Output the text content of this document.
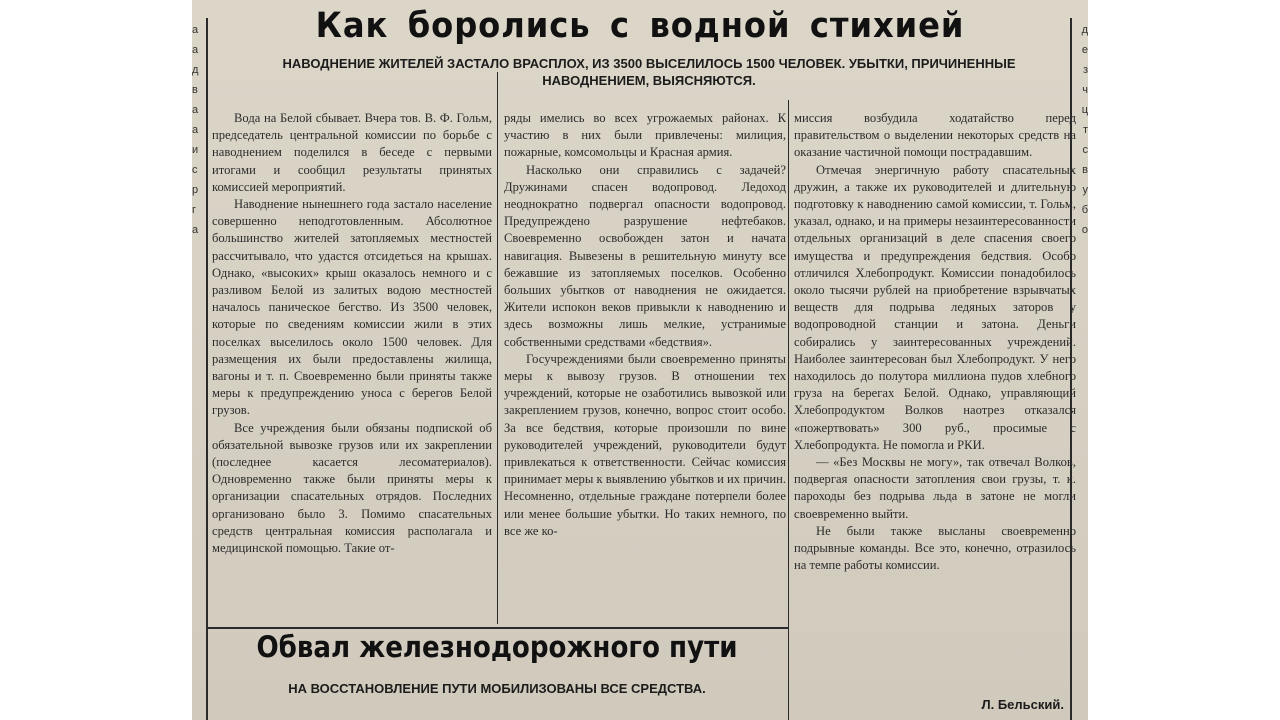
а
а
д
в
а
а
и
с
р
г
а
д
е
з
ч
ц
т
с
в
у
б
о
Как боролись с водной стихией
НАВОДНЕНИЕ ЖИТЕЛЕЙ ЗАСТАЛО ВРАСПЛОХ, ИЗ 3500 ВЫСЕЛИЛОСЬ 1500 ЧЕЛОВЕК. УБЫТКИ, ПРИЧИНЕННЫЕ НАВОДНЕНИЕМ, ВЫЯСНЯЮТСЯ.

Вода на Белой сбывает. Вчера тов. В. Ф. Гольм, председатель центральной комиссии по борьбе с наводнением поделился в беседе с первыми итогами и сообщил результаты принятых комиссией мероприятий.

Наводнение нынешнего года застало население совершенно неподготовленным. Абсолютное большинство жителей затопляемых местностей рассчитывало, что удастся отсидеться на крышах. Однако, «высоких» крыш оказалось немного и с разливом Белой из залитых водою местностей началось паническое бегство. Из 3500 человек, которые по сведениям комиссии жили в этих поселках выселилось около 1500 человек. Для размещения их были предоставлены жилища, вагоны и т. п. Своевременно были приняты также меры к предупреждению уноса с берегов Белой грузов.

Все учреждения были обязаны подпиской об обязательной вывозке грузов или их закреплении (последнее касается лесоматериалов). Одновременно также были приняты меры к организации спасательных отрядов. Последних организовано было 3. Помимо спасательных средств центральная комиссия располагала и медицинской помощью. Такие от-

ряды имелись во всех угрожаемых районах. К участию в них были привлечены: милиция, пожарные, комсомольцы и Красная армия.

Насколько они справились с задачей? Дружинами спасен водопровод. Ледоход неоднократно подвергал опасности водопровод. Предупреждено разрушение нефтебаков. Своевременно освобожден затон и начата навигация. Вывезены в решительную минуту все бежавшие из затопляемых поселков. Особенно больших убытков от наводнения не ожидается. Жители испокон веков привыкли к наводнению и здесь возможны лишь мелкие, устранимые собственными средствами «бедствия».

Госучреждениями были своевременно приняты меры к вывозу грузов. В отношении тех учреждений, которые не озаботились вывозкой или закреплением грузов, конечно, вопрос стоит особо. За все бедствия, которые произошли по вине руководителей учреждений, руководители будут привлекаться к ответственности. Сейчас комиссия принимает меры к выявлению убытков и их причин. Несомненно, отдельные граждане потерпели более или менее большие убытки. Но таких немного, по все же ко-

миссия возбудила ходатайство перед правительством о выделении некоторых средств на оказание частичной помощи пострадавшим.

Отмечая энергичную работу спасательных дружин, а также их руководителей и длительную подготовку к наводнению самой комиссии, т. Гольм, указал, однако, и на примеры незаинтересованности отдельных организаций в деле спасения своего имущества и предупреждения бедствия. Особо отличился Хлебопродукт. Комиссии понадобилось около тысячи рублей на приобретение взрывчатых веществ для подрыва ледяных заторов у водопроводной станции и затона. Деньги собирались у заинтересованных учреждений. Наиболее заинтересован был Хлебопродукт. У него находилось до полутора миллиона пудов хлебного груза на берегах Белой. Однако, управляющий Хлебопродуктом Волков наотрез отказался «пожертвовать» 300 руб., просимые с Хлебопродукта. Не помогла и РКИ.

— «Без Москвы не могу», так отвечал Волков, подвергая опасности затопления свои грузы, т. к. пароходы без подрыва льда в затоне не могли своевременно выйти.

Не были также высланы своевременно подрывные команды. Все это, конечно, отразилось на темпе работы комиссии.

Л. Бельский.
Обвал железнодорожного пути
НА ВОССТАНОВЛЕНИЕ ПУТИ МОБИЛИЗОВАНЫ ВСЕ СРЕДСТВА.
